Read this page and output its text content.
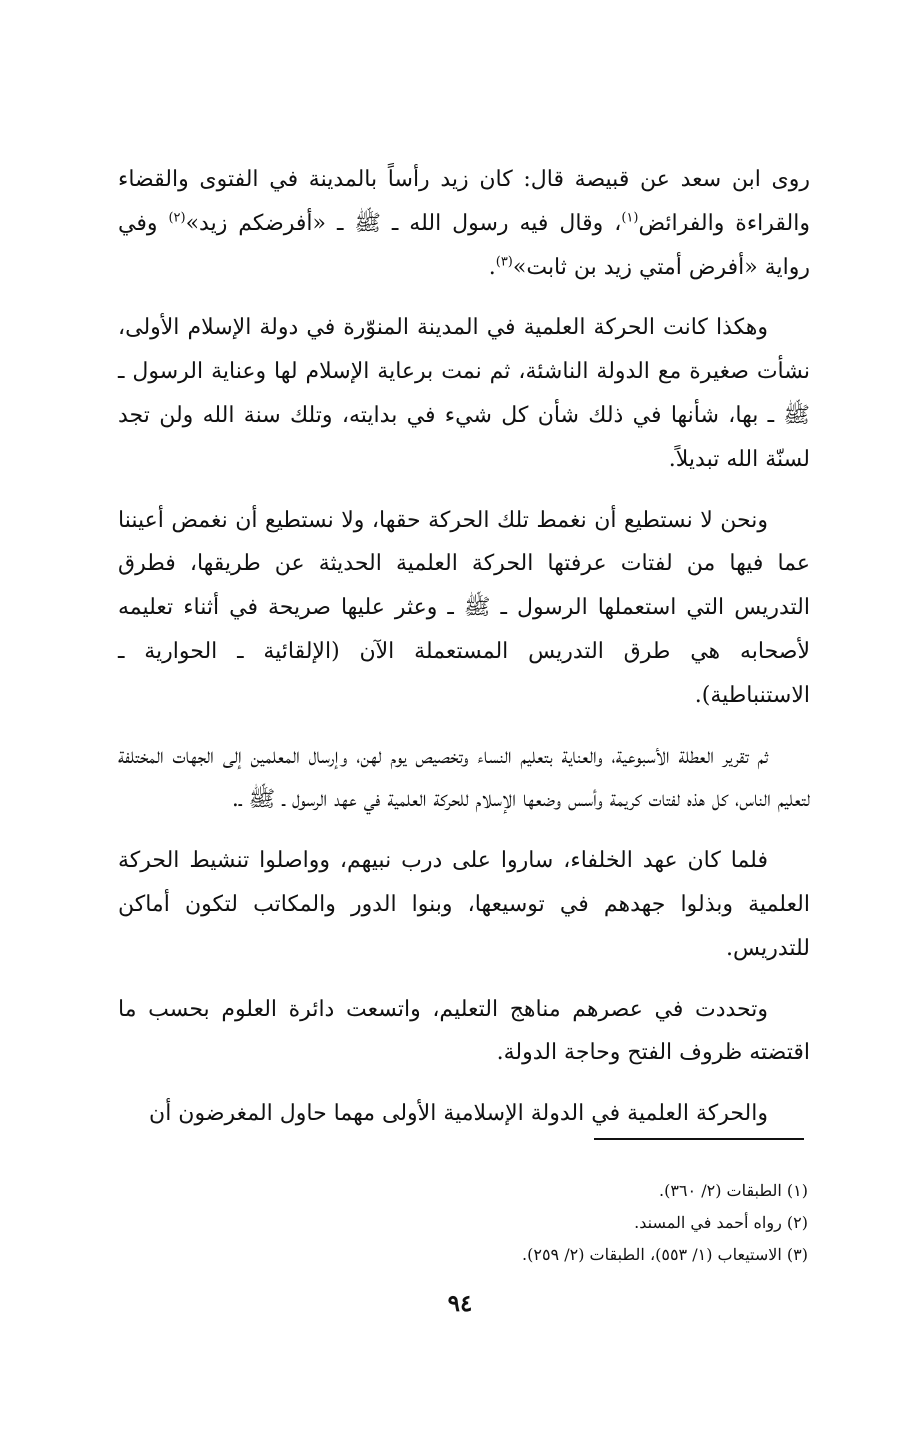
روى ابن سعد عن قبيصة قال: كان زيد رأساً بالمدينة في الفتوى والقضاء والقراءة والفرائض$^{(١)}$، وقال فيه رسول الله ـ ﷺ ـ «أفرضكم زيد»$^{(٢)}$ وفي رواية «أفرض أمتي زيد بن ثابت»$^{(٣)}$.

وهكذا كانت الحركة العلمية في المدينة المنوّرة في دولة الإسلام الأولى، نشأت صغيرة مع الدولة الناشئة، ثم نمت برعاية الإسلام لها وعناية الرسول ـ ﷺ ـ بها، شأنها في ذلك شأن كل شيء في بدايته، وتلك سنة الله ولن تجد لسنّة الله تبديلاً.

ونحن لا نستطيع أن نغمط تلك الحركة حقها، ولا نستطيع أن نغمض أعيننا عما فيها من لفتات عرفتها الحركة العلمية الحديثة عن طريقها، فطرق التدريس التي استعملها الرسول ـ ﷺ ـ وعثر عليها صريحة في أثناء تعليمه لأصحابه هي طرق التدريس المستعملة الآن (الإلقائية ـ الحوارية ـ الاستنباطية).

ثم تقرير العطلة الأسبوعية، والعناية بتعليم النساء وتخصيص يوم لهن، وإرسال المعلمين إلى الجهات المختلفة لتعليم الناس، كل هذه لفتات كريمة وأسس وضعها الإسلام للحركة العلمية في عهد الرسول ـ ﷺ ـ.

فلما كان عهد الخلفاء، ساروا على درب نبيهم، وواصلوا تنشيط الحركة العلمية وبذلوا جهدهم في توسيعها، وبنوا الدور والمكاتب لتكون أماكن للتدريس.

وتحددت في عصرهم مناهج التعليم، واتسعت دائرة العلوم بحسب ما اقتضته ظروف الفتح وحاجة الدولة.

والحركة العلمية في الدولة الإسلامية الأولى مهما حاول المغرضون أن

(١) الطبقات (٢/ ٣٦٠).

(٢) رواه أحمد في المسند.

(٣) الاستيعاب (١/ ٥٥٣)، الطبقات (٢/ ٢٥٩).

٩٤
